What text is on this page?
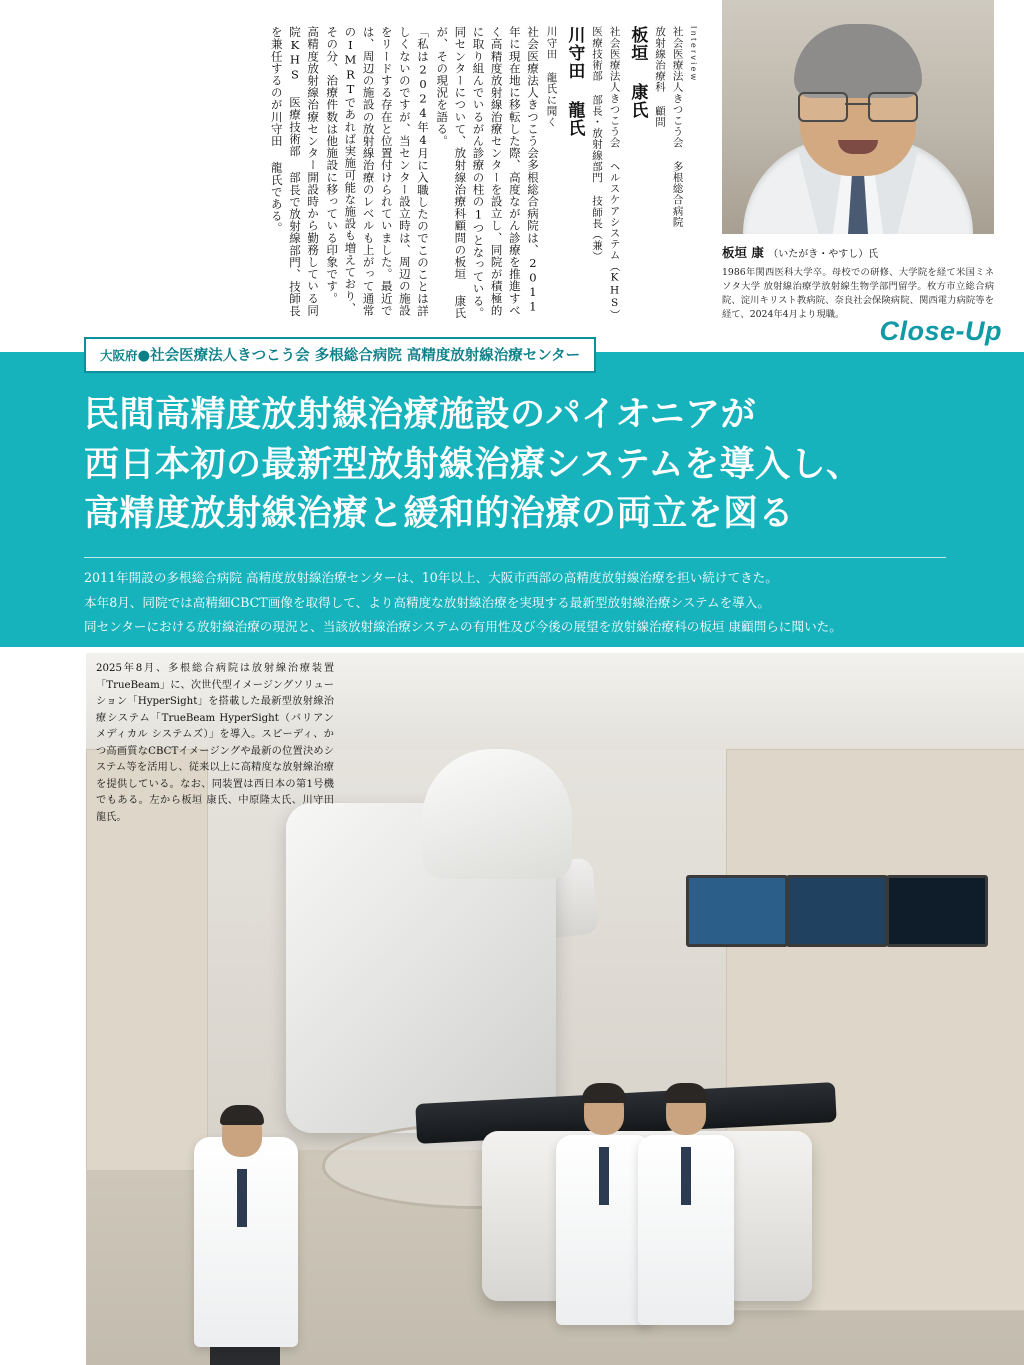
Interview
社会医療法人きつこう会 多根総合病院
放射線治療科 顧問
板垣 康氏
社会医療法人きつこう会 ヘルスケアシステム（KHS）
医療技術部 部長・放射線部門 技師長（兼）
川守田 龍氏
川守田 龍氏に聞く
社会医療法人きつこう会多根総合病院は、2011年に現在地に移転した際、高度ながん診療を推進すべく高精度放射線治療センターを設立し、同院が積極的に取り組んでいるがん診療の柱の1つとなっている。同センターについて、放射線治療科顧問の板垣 康氏が、その現況を語る。
「私は2024年4月に入職したのでこのことは詳しくないのですが、当センター設立時は、周辺の施設をリードする存在と位置付けられていました。最近では、周辺の施設の放射線治療のレベルも上がって通常のIMRTであれば実施可能な施設も増えており、その分、治療件数は他施設に移っている印象です。
高精度放射線治療センター開設時から勤務している同院KHS 医療技術部 部長で放射線部門、技師長を兼任するのが川守田 龍氏である。
板垣 康 （いたがき・やすし）氏
1986年関西医科大学卒。母校での研修、大学院を経て米国ミネソタ大学 放射線治療学放射線生物学部門留学。枚方市立総合病院、淀川キリスト教病院、奈良社会保険病院、関西電力病院等を経て、2024年4月より現職。
Close-Up
大阪府●社会医療法人きつこう会 多根総合病院 高精度放射線治療センター
民間高精度放射線治療施設のパイオニアが
西日本初の最新型放射線治療システムを導入し、
高精度放射線治療と緩和的治療の両立を図る
2011年開設の多根総合病院 高精度放射線治療センターは、10年以上、大阪市西部の高精度放射線治療を担い続けてきた。
本年8月、同院では高精細CBCT画像を取得して、より高精度な放射線治療を実現する最新型放射線治療システムを導入。
同センターにおける放射線治療の現況と、当該放射線治療システムの有用性及び今後の展望を放射線治療科の板垣 康顧問らに聞いた。
2025年8月、多根総合病院は放射線治療装置「TrueBeam」に、次世代型イメージングソリューション「HyperSight」を搭載した最新型放射線治療システム「TrueBeam HyperSight（バリアン メディカル システムズ）」を導入。スピーディ、かつ高画質なCBCTイメージングや最新の位置決めシステム等を活用し、従来以上に高精度な放射線治療を提供している。なお、同装置は西日本の第1号機でもある。左から板垣 康氏、中原隆太氏、川守田 龍氏。
